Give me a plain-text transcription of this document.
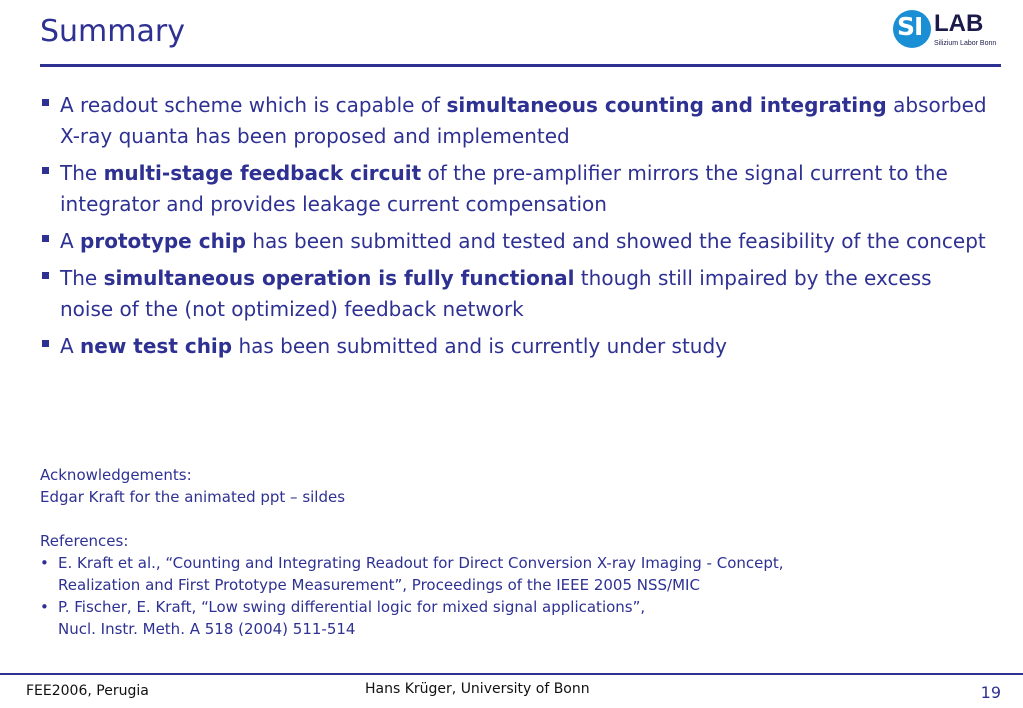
Summary	SI LAB
Silizium Labor Bonn
A readout scheme which is capable of simultaneous counting and integrating absorbed X-ray quanta has been proposed and implemented
The multi-stage feedback circuit of the pre-amplifier mirrors the signal current to the integrator and provides leakage current compensation
A prototype chip has been submitted and tested and showed the feasibility of the concept
The simultaneous operation is fully functional though still impaired by the excess noise of the (not optimized) feedback network
A new test chip has been submitted and is currently under study
Acknowledgements:
Edgar Kraft for the animated ppt – sildes
References:
• E. Kraft et al., “Counting and Integrating Readout for Direct Conversion X-ray Imaging - Concept,
Realization and First Prototype Measurement”, Proceedings of the IEEE 2005 NSS/MIC
• P. Fischer, E. Kraft, “Low swing differential logic for mixed signal applications”,
Nucl. Instr. Meth. A 518 (2004) 511-514
FEE2006, Perugia	Hans Krüger, University of Bonn	19
